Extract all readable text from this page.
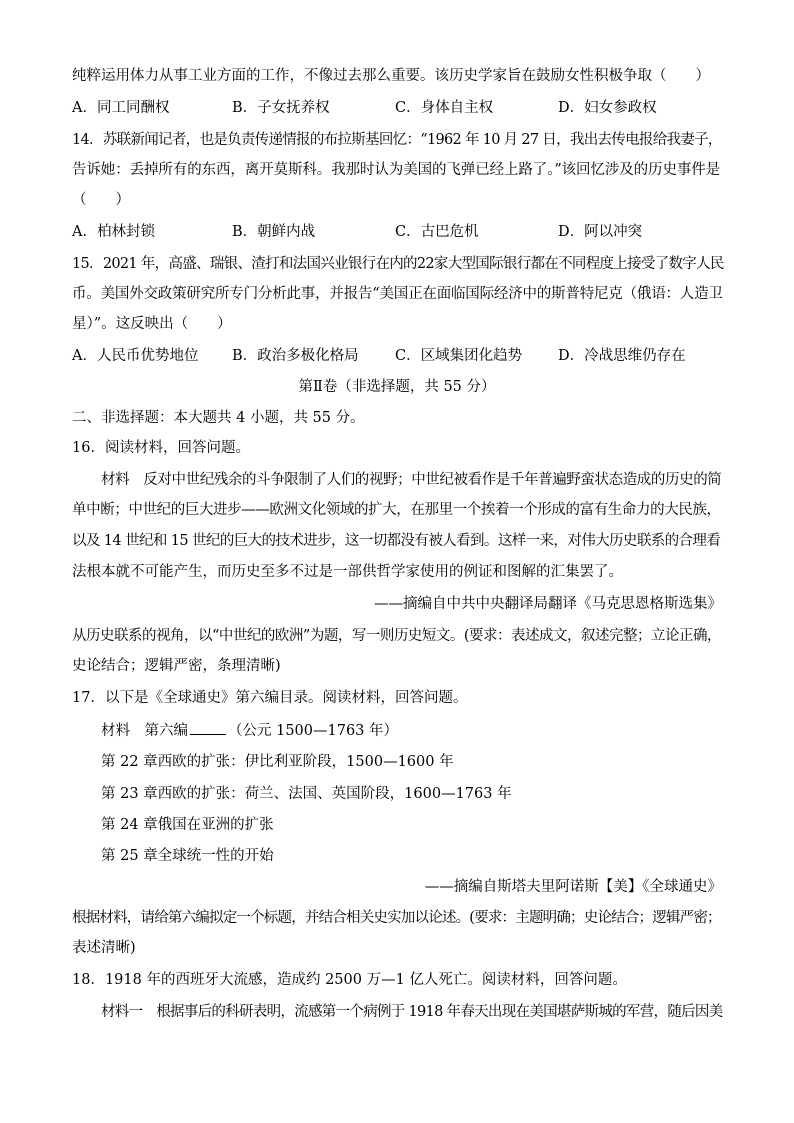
纯粹运用体力从事工业方面的工作，不像过去那么重要。该历史学家旨在鼓励女性积极争取（　　）
A．同工同酬权	B．子女抚养权	C．身体自主权	D．妇女参政权
14．苏联新闻记者，也是负责传递情报的布拉斯基回忆：“1962 年 10 月 27 日，我出去传电报给我妻子，
告诉她：丢掉所有的东西，离开莫斯科。我那时认为美国的飞弹已经上路了。”该回忆涉及的历史事件是
（　　）
A．柏林封锁	B．朝鲜内战	C．古巴危机	D．阿以冲突
15．2021 年，高盛、瑞银、渣打和法国兴业银行在内的22家大型国际银行都在不同程度上接受了数字人民
币。美国外交政策研究所专门分析此事，并报告“美国正在面临国际经济中的斯普特尼克（俄语：人造卫
星）”。这反映出（　　）
A．人民币优势地位 B．政治多极化格局	C．区域集团化趋势 D．冷战思维仍存在
第Ⅱ卷（非选择题，共 55 分）
二、非选择题：本大题共 4 小题，共 55 分。
16．阅读材料，回答问题。
材料　反对中世纪残余的斗争限制了人们的视野；中世纪被看作是千年普遍野蛮状态造成的历史的简
单中断；中世纪的巨大进步——欧洲文化领域的扩大，在那里一个挨着一个形成的富有生命力的大民族，
以及 14 世纪和 15 世纪的巨大的技术进步，这一切都没有被人看到。这样一来，对伟大历史联系的合理看
法根本就不可能产生，而历史至多不过是一部供哲学家使用的例证和图解的汇集罢了。
——摘编自中共中央翻译局翻译《马克思恩格斯选集》
从历史联系的视角，以“中世纪的欧洲”为题，写一则历史短文。(要求：表述成文，叙述完整；立论正确，
史论结合；逻辑严密，条理清晰)
17．以下是《全球通史》第六编目录。阅读材料，回答问题。
材料　第六编	（公元 1500—1763 年）
第 22 章西欧的扩张：伊比利亚阶段，1500—1600 年
第 23 章西欧的扩张：荷兰、法国、英国阶段，1600—1763 年
第 24 章俄国在亚洲的扩张
第 25 章全球统一性的开始
——摘编自斯塔夫里阿诺斯【美】《全球通史》
根据材料，请给第六编拟定一个标题，并结合相关史实加以论述。(要求：主题明确；史论结合；逻辑严密；
表述清晰)
18．1918 年的西班牙大流感，造成约 2500 万—1 亿人死亡。阅读材料，回答问题。
材料一　根据事后的科研表明，流感第一个病例于 1918 年春天出现在美国堪萨斯城的军营，随后因美
